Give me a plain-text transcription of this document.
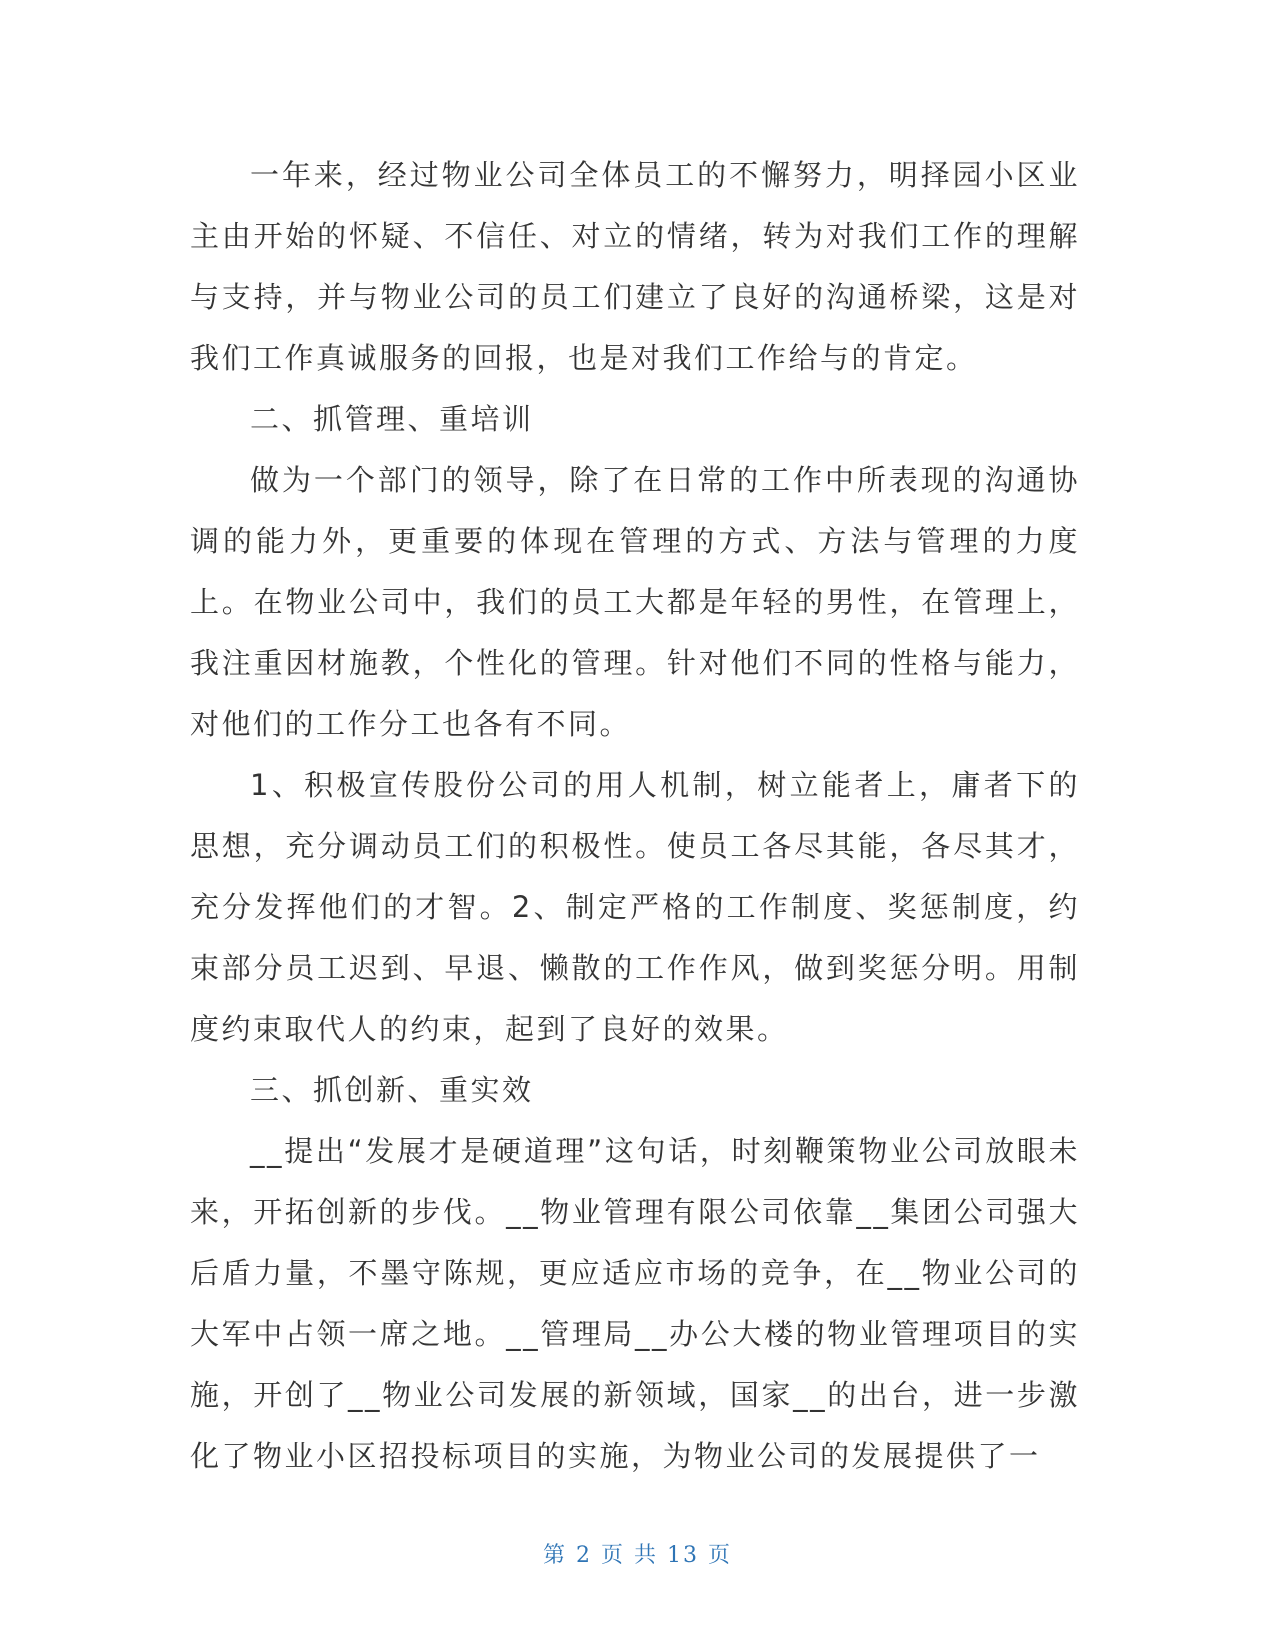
一年来，经过物业公司全体员工的不懈努力，明择园小区业主由开始的怀疑、不信任、对立的情绪，转为对我们工作的理解与支持，并与物业公司的员工们建立了良好的沟通桥梁，这是对我们工作真诚服务的回报，也是对我们工作给与的肯定。

二、抓管理、重培训

做为一个部门的领导，除了在日常的工作中所表现的沟通协调的能力外，更重要的体现在管理的方式、方法与管理的力度上。在物业公司中，我们的员工大都是年轻的男性，在管理上，我注重因材施教，个性化的管理。针对他们不同的性格与能力，对他们的工作分工也各有不同。

1、积极宣传股份公司的用人机制，树立能者上，庸者下的思想，充分调动员工们的积极性。使员工各尽其能，各尽其才，充分发挥他们的才智。2、制定严格的工作制度、奖惩制度，约束部分员工迟到、早退、懒散的工作作风，做到奖惩分明。用制度约束取代人的约束，起到了良好的效果。

三、抓创新、重实效

__提出“发展才是硬道理”这句话，时刻鞭策物业公司放眼未来，开拓创新的步伐。__物业管理有限公司依靠__集团公司强大后盾力量，不墨守陈规，更应适应市场的竞争，在__物业公司的大军中占领一席之地。__管理局__办公大楼的物业管理项目的实施，开创了__物业公司发展的新领域，国家__的出台，进一步激化了物业小区招投标项目的实施，为物业公司的发展提供了一

第 2 页 共 13 页
